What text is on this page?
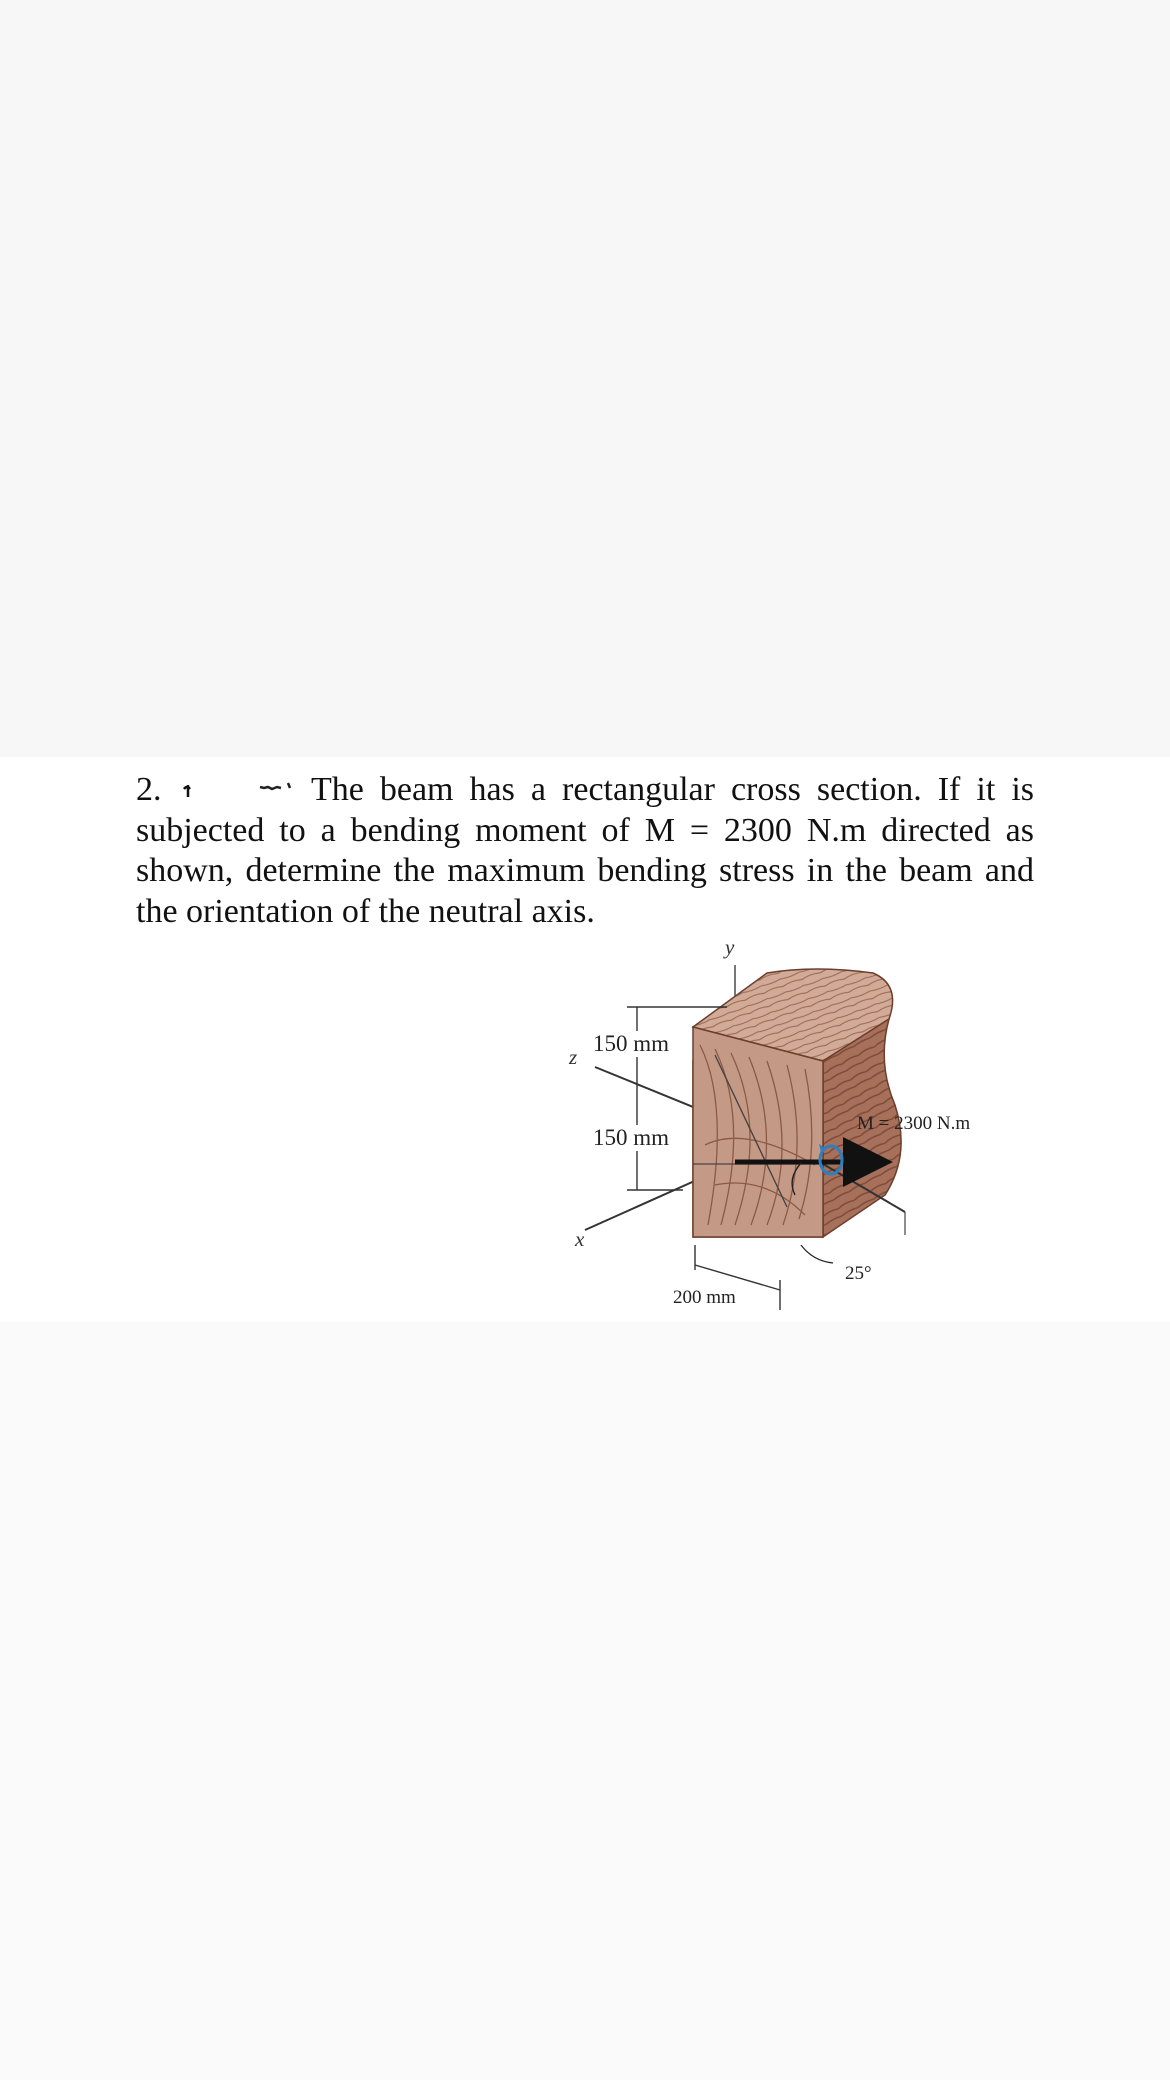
2.	The beam has a rectangular cross section. If it is subjected to a bending moment of M = 2300 N.m directed as shown, determine the maximum bending stress in the beam and the orientation of the neutral axis.
y
z
x
150 mm
150 mm
200 mm
M = 2300 N.m
25°
